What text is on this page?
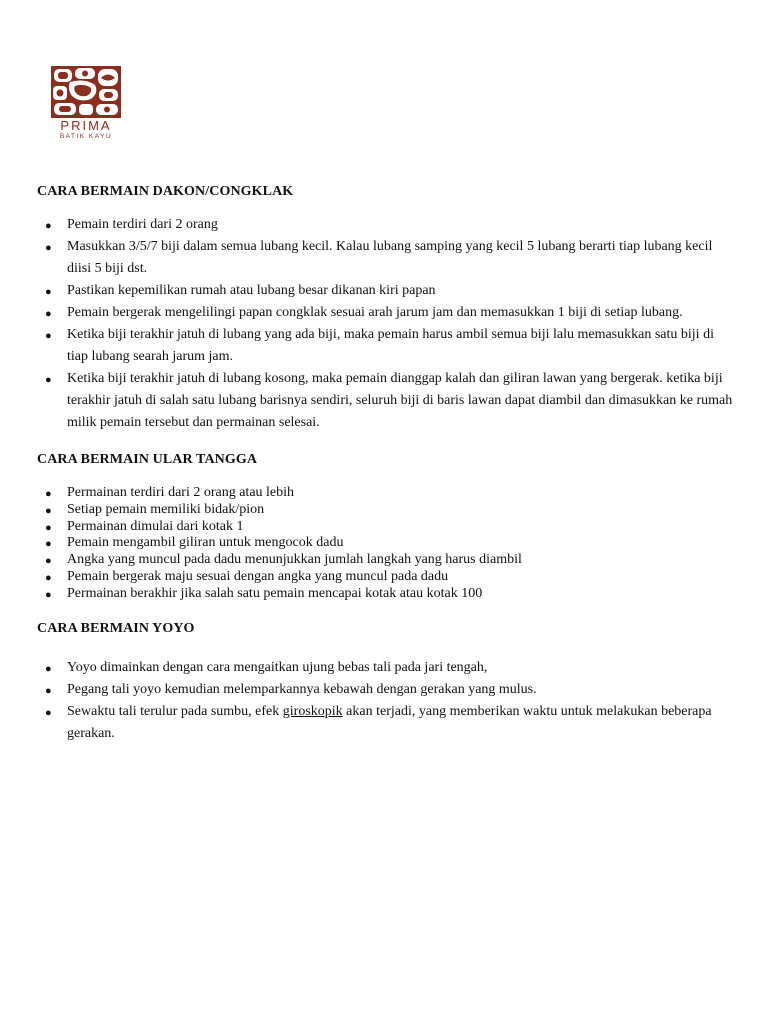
PRIMA
BATIK KAYU
CARA BERMAIN DAKON/CONGKLAK
● Pemain terdiri dari 2 orang
● Masukkan 3/5/7 biji dalam semua lubang kecil. Kalau lubang samping yang kecil 5 lubang berarti tiap lubang kecil diisi 5 biji dst.
● Pastikan kepemilikan rumah atau lubang besar dikanan kiri papan
● Pemain bergerak mengelilingi papan congklak sesuai arah jarum jam dan memasukkan 1 biji di setiap lubang.
● Ketika biji terakhir jatuh di lubang yang ada biji, maka pemain harus ambil semua biji lalu memasukkan satu biji di tiap lubang searah jarum jam.
● Ketika biji terakhir jatuh di lubang kosong, maka pemain dianggap kalah dan giliran lawan yang bergerak. ketika biji terakhir jatuh di salah satu lubang barisnya sendiri, seluruh biji di baris lawan dapat diambil dan dimasukkan ke rumah milik pemain tersebut dan permainan selesai.
CARA BERMAIN ULAR TANGGA
● Permainan terdiri dari 2 orang atau lebih
● Setiap pemain memiliki bidak/pion
● Permainan dimulai dari kotak 1
● Pemain mengambil giliran untuk mengocok dadu
● Angka yang muncul pada dadu menunjukkan jumlah langkah yang harus diambil
● Pemain bergerak maju sesuai dengan angka yang muncul pada dadu
● Permainan berakhir jika salah satu pemain mencapai kotak atau kotak 100
CARA BERMAIN YOYO
● Yoyo dimainkan dengan cara mengaitkan ujung bebas tali pada jari tengah,
● Pegang tali yoyo kemudian melemparkannya kebawah dengan gerakan yang mulus.
● Sewaktu tali terulur pada sumbu, efek giroskopik akan terjadi, yang memberikan waktu untuk melakukan beberapa gerakan.
